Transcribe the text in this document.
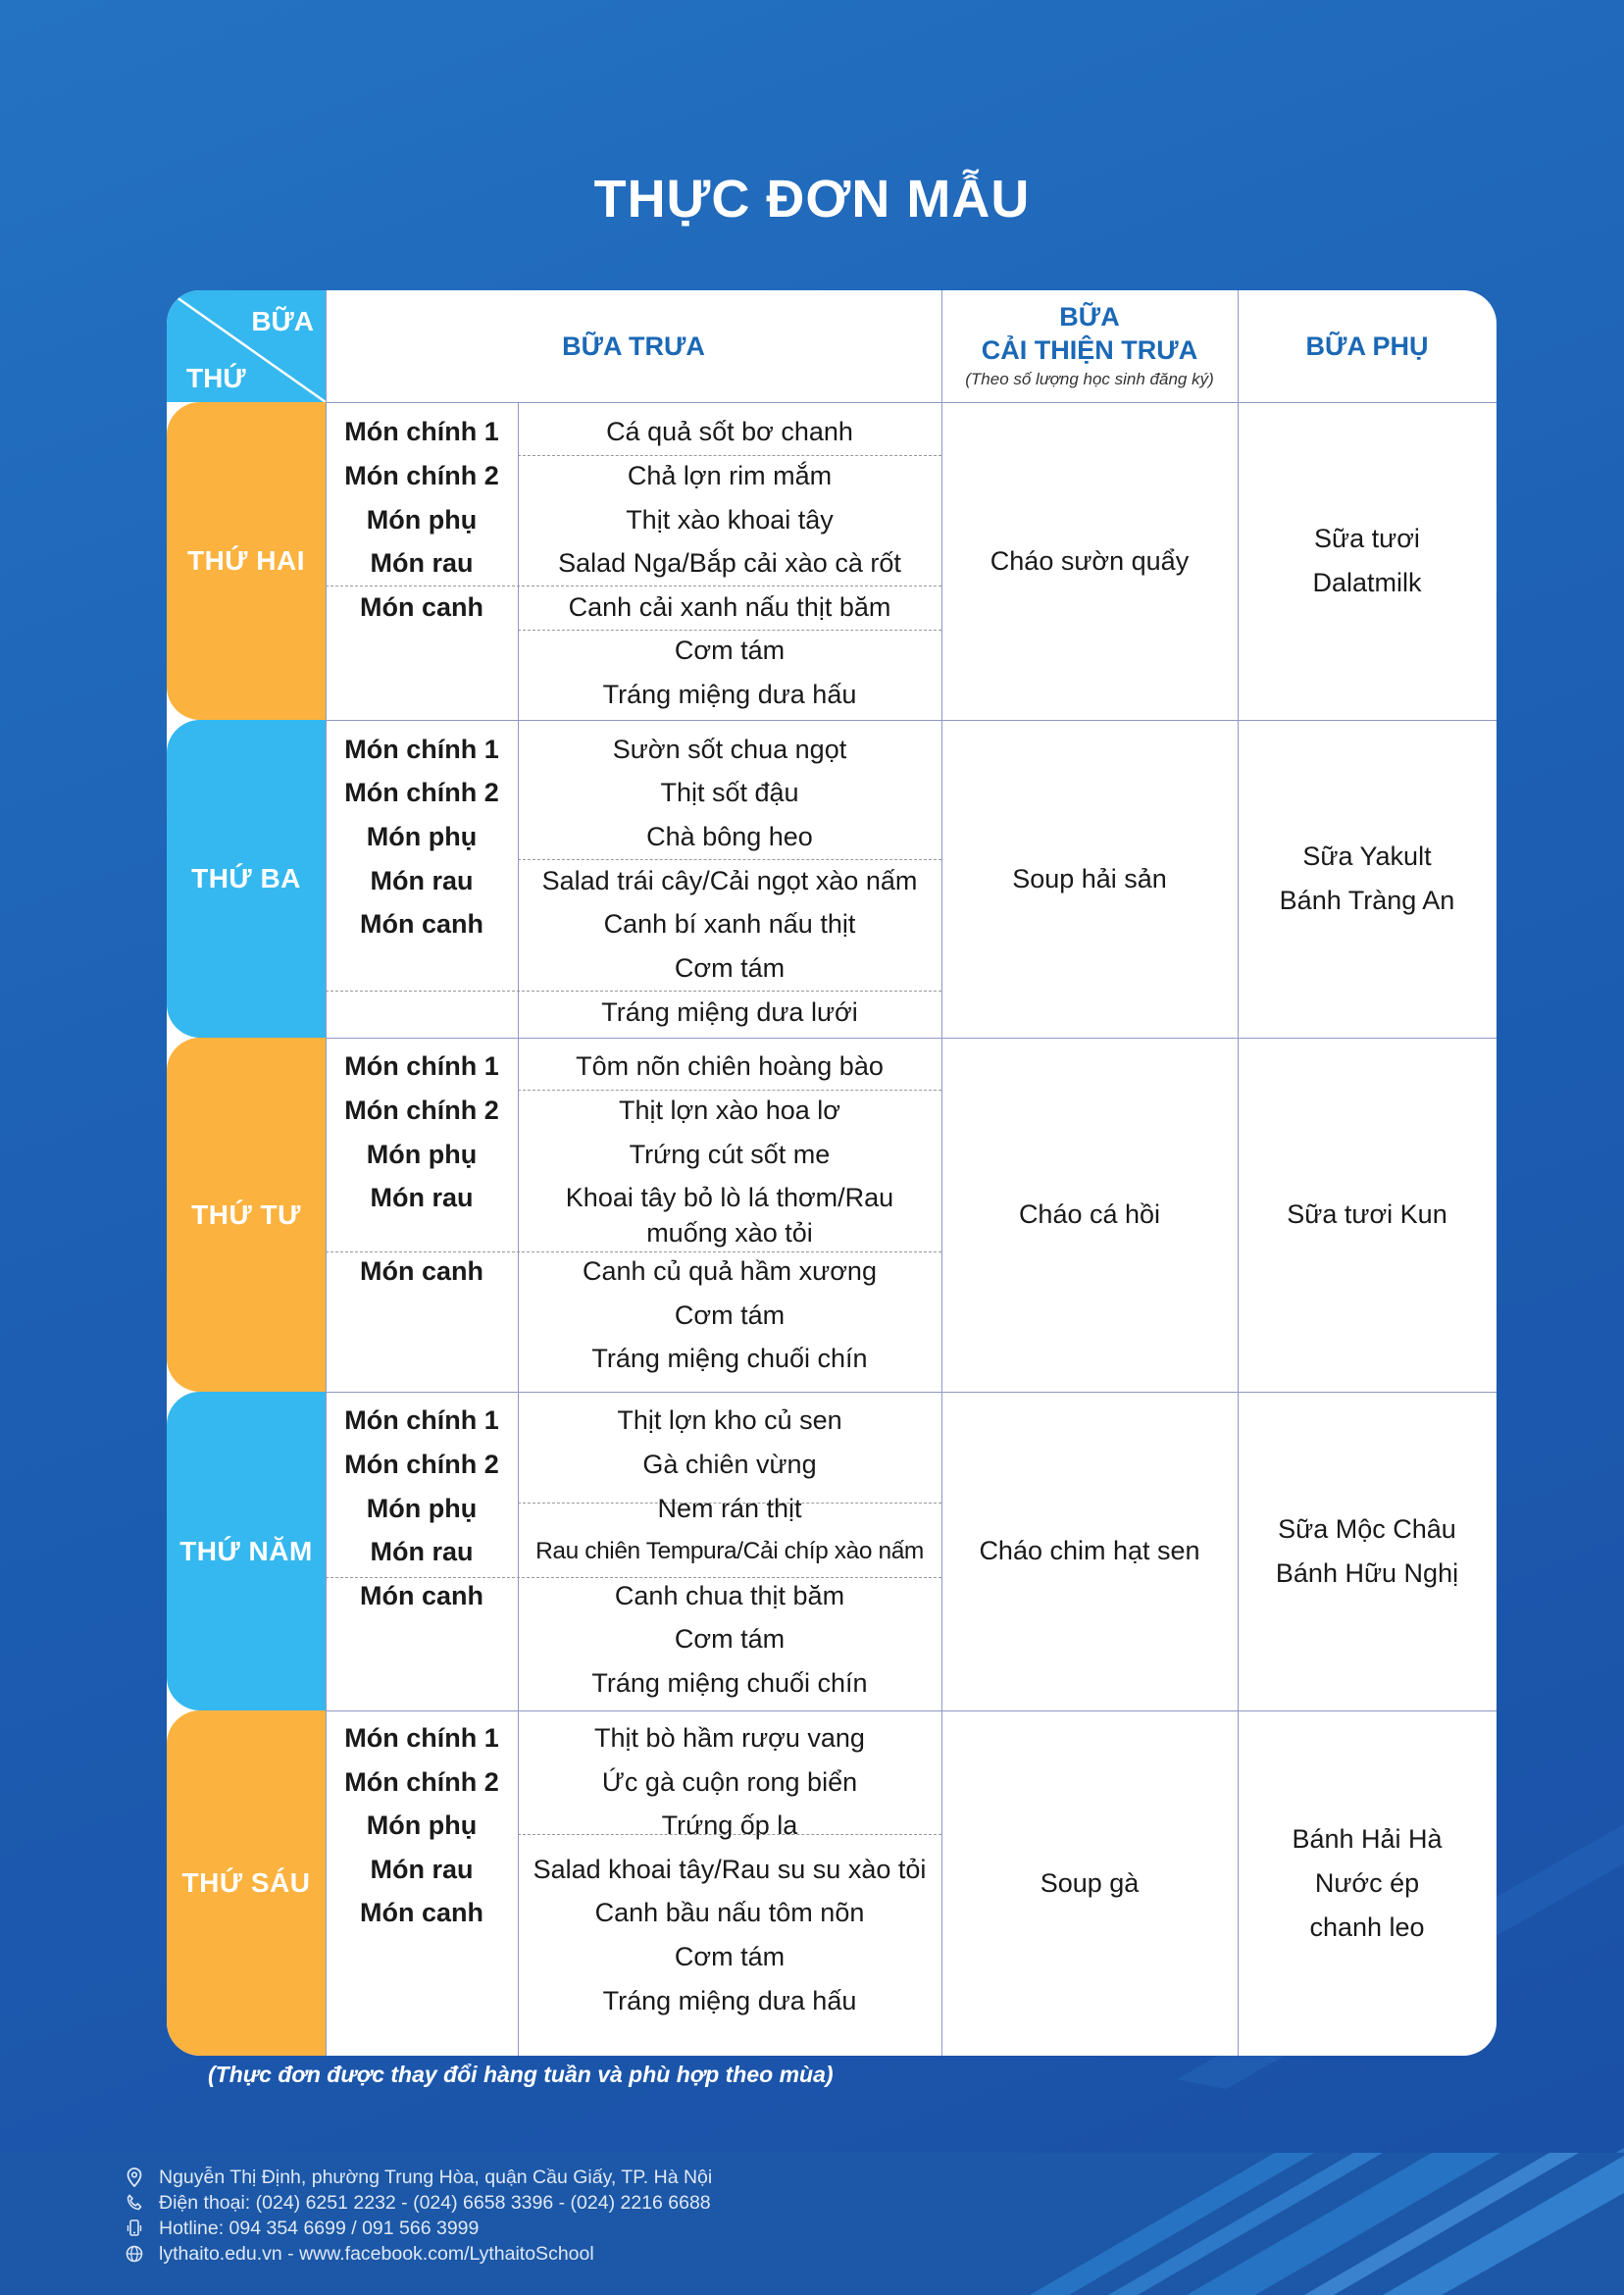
THỰC ĐƠN MẪU
BỮA
THỨ
BỮA TRƯA
BỮA
CẢI THIỆN TRƯA
(Theo số lượng học sinh đăng ký)
BỮA PHỤ
THỨ HAI
Món chính 1
Món chính 2
Món phụ
Món rau
Món canh
Cá quả sốt bơ chanh
Chả lợn rim mắm
Thịt xào khoai tây
Salad Nga/Bắp cải xào cà rốt
Canh cải xanh nấu thịt băm
Cơm tám
Tráng miệng dưa hấu
Cháo sườn quẩy
Sữa tươi
Dalatmilk
THỨ BA
Món chính 1
Món chính 2
Món phụ
Món rau
Món canh
Sườn sốt chua ngọt
Thịt sốt đậu
Chà bông heo
Salad trái cây/Cải ngọt xào nấm
Canh bí xanh nấu thịt
Cơm tám
Tráng miệng dưa lưới
Soup hải sản
Sữa Yakult
Bánh Tràng An
THỨ TƯ
Món chính 1
Món chính 2
Món phụ
Món rau
Món canh
Tôm nõn chiên hoàng bào
Thịt lợn xào hoa lơ
Trứng cút sốt me
Khoai tây bỏ lò lá thơm/Rau
muống xào tỏi
Canh củ quả hầm xương
Cơm tám
Tráng miệng chuối chín
Cháo cá hồi	Sữa tươi Kun
THỨ NĂM
Món chính 1
Món chính 2
Món phụ
Món rau
Món canh
Thịt lợn kho củ sen
Gà chiên vừng
Nem rán thịt
Rau chiên Tempura/Cải chíp xào nấm
Canh chua thịt băm
Cơm tám
Tráng miệng chuối chín
Cháo chim hạt sen
Sữa Mộc Châu
Bánh Hữu Nghị
THỨ SÁU
Món chính 1
Món chính 2
Món phụ
Món rau
Món canh
Thịt bò hầm rượu vang
Ức gà cuộn rong biển
Trứng ốp la
Salad khoai tây/Rau su su xào tỏi
Canh bầu nấu tôm nõn
Cơm tám
Tráng miệng dưa hấu
Soup gà
Bánh Hải Hà
Nước ép
chanh leo
(Thực đơn được thay đổi hàng tuần và phù hợp theo mùa)
Nguyễn Thị Định, phường Trung Hòa, quận Cầu Giấy, TP. Hà Nội
Điện thoại: (024) 6251 2232 - (024) 6658 3396 - (024) 2216 6688
Hotline: 094 354 6699 / 091 566 3999
lythaito.edu.vn - www.facebook.com/LythaitoSchool
